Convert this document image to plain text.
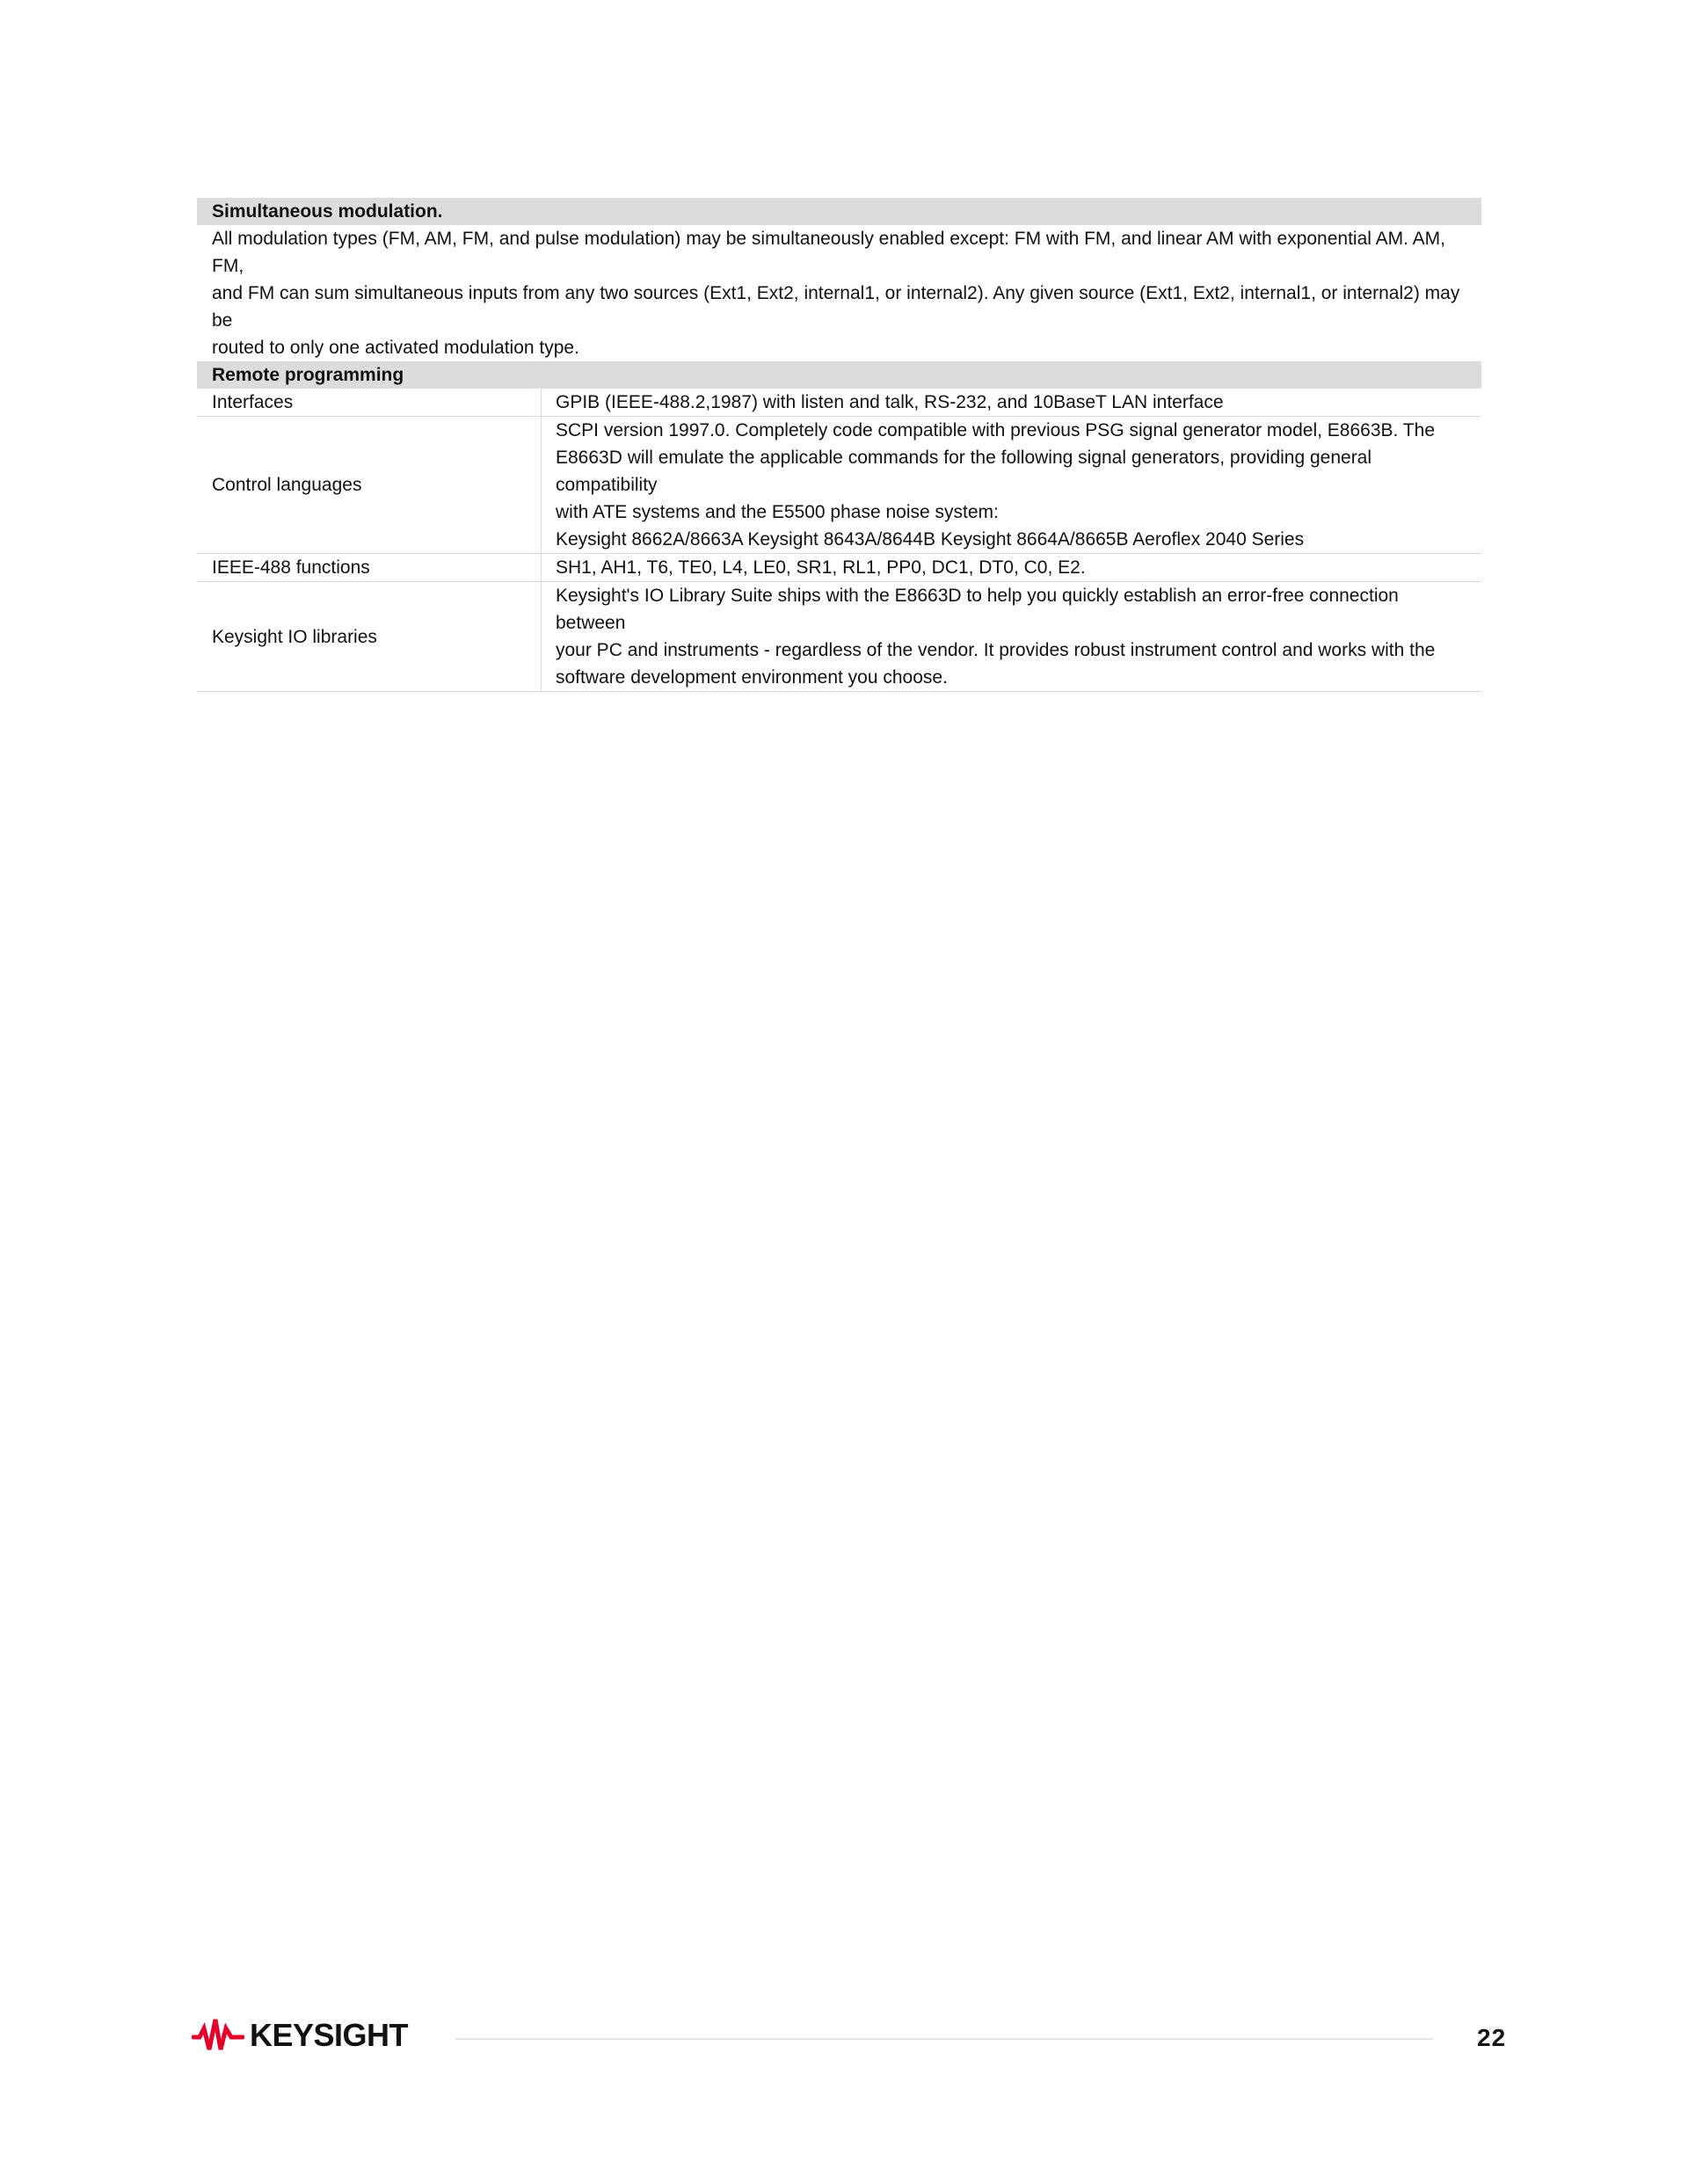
Simultaneous modulation.	

All modulation types (FM, AM, FM, and pulse modulation) may be simultaneously enabled except: FM with FM, and linear AM with exponential AM. AM, FM,
and FM can sum simultaneous inputs from any two sources (Ext1, Ext2, internal1, or internal2). Any given source (Ext1, Ext2, internal1, or internal2) may be
routed to only one activated modulation type.	

Remote programming	
Interfaces	GPIB (IEEE-488.2,1987) with listen and talk, RS-232, and 10BaseT LAN interface

Control languages	SCPI version 1997.0. Completely code compatible with previous PSG signal generator model, E8663B. The
E8663D will emulate the applicable commands for the following signal generators, providing general compatibility
with ATE systems and the E5500 phase noise system:
Keysight 8662A/8663A Keysight 8643A/8644B Keysight 8664A/8665B Aeroflex 2040 Series

IEEE-488 functions	SH1, AH1, T6, TE0, L4, LE0, SR1, RL1, PP0, DC1, DT0, C0, E2.

Keysight IO libraries	Keysight's IO Library Suite ships with the E8663D to help you quickly establish an error-free connection between
your PC and instruments - regardless of the vendor. It provides robust instrument control and works with the
software development environment you choose.
KEYSIGHT	22
